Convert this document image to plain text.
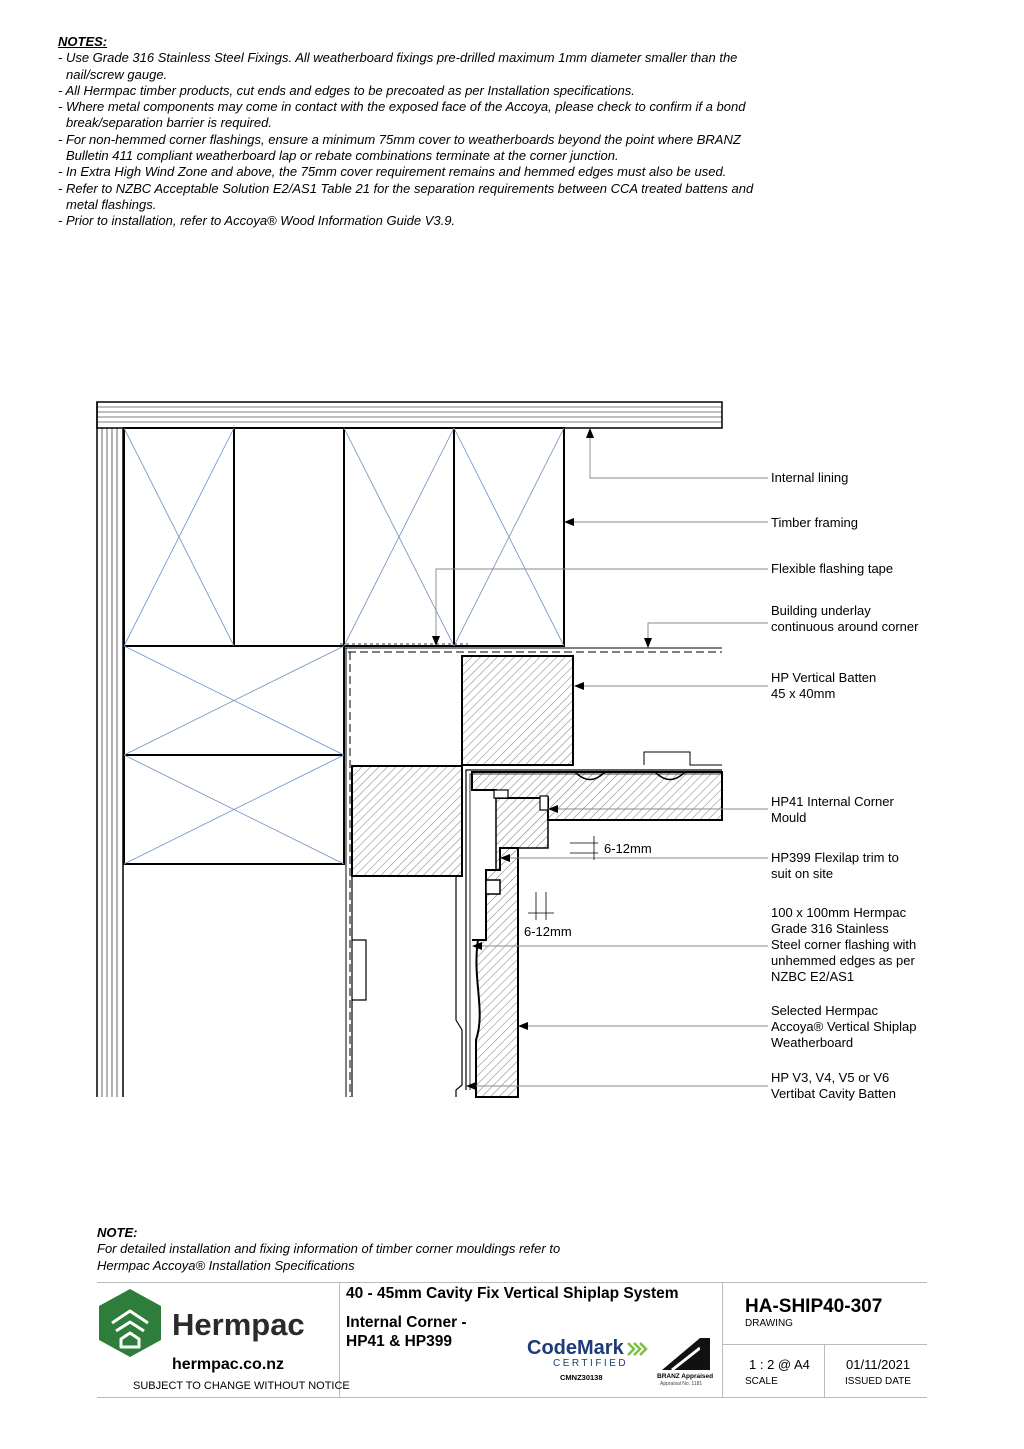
NOTES:
- Use Grade 316 Stainless Steel Fixings. All weatherboard fixings pre-drilled maximum 1mm diameter smaller than the nail/screw gauge.
- All Hermpac timber products, cut ends and edges to be precoated as per Installation specifications.
- Where metal components may come in contact with the exposed face of the Accoya, please check to confirm if a bond break/separation barrier is required.
- For non-hemmed corner flashings, ensure a minimum 75mm cover to weatherboards beyond the point where BRANZ Bulletin 411 compliant weatherboard lap or rebate combinations terminate at the corner junction.
- In Extra High Wind Zone and above, the 75mm cover requirement remains and hemmed edges must also be used.
- Refer to NZBC Acceptable Solution E2/AS1 Table 21 for the separation requirements between CCA treated battens and metal flashings.
- Prior to installation, refer to Accoya® Wood Information Guide V3.9.
Internal lining
Timber framing
Flexible flashing tape
Building underlay
continuous around corner
HP Vertical Batten
45 x 40mm
HP41 Internal Corner
Mould
HP399 Flexilap trim to
suit on site
100 x 100mm Hermpac
Grade 316 Stainless
Steel corner flashing with
unhemmed edges as per
NZBC E2/AS1
Selected Hermpac
Accoya® Vertical Shiplap
Weatherboard
HP V3, V4, V5 or V6
Vertibat Cavity Batten
6-12mm
6-12mm
NOTE:
For detailed installation and fixing information of timber corner mouldings refer to
Hermpac Accoya® Installation Specifications
Hermpac
hermpac.co.nz
SUBJECT TO CHANGE WITHOUT NOTICE
40 - 45mm Cavity Fix Vertical Shiplap System
Internal Corner -
HP41 & HP399	CodeMark
CERTIFIED
CMNZ30138	BRANZ Appraised
Appraisal No. 1181
HA-SHIP40-307
DRAWING
1 : 2 @ A4
SCALE
01/11/2021
ISSUED DATE
